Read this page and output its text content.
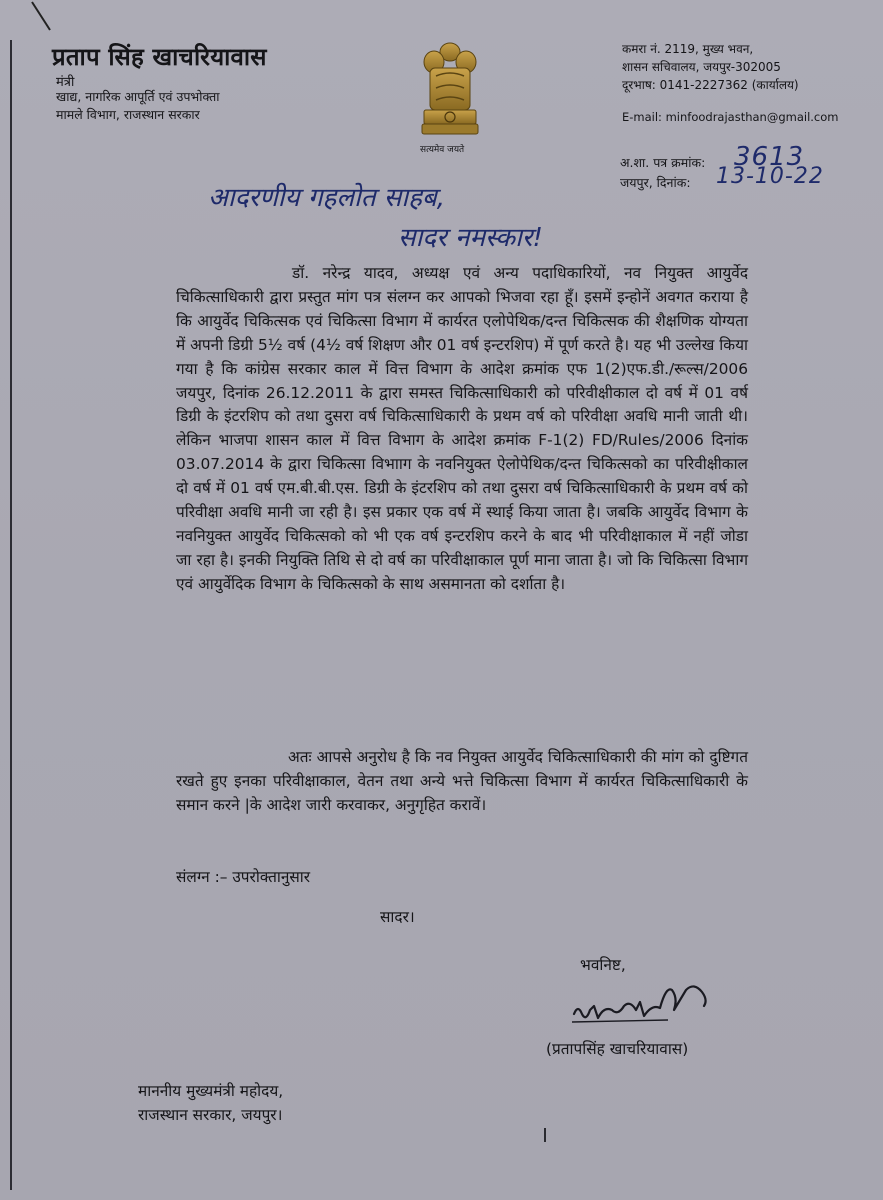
प्रताप सिंह खाचरियावास
मंत्री
खाद्य, नागरिक आपूर्ति एवं उपभोक्ता
मामले विभाग, राजस्थान सरकार
सत्यमेव जयते
कमरा नं. 2119, मुख्य भवन,
शासन सचिवालय, जयपुर-302005
दूरभाष: 0141-2227362 (कार्यालय)
E-mail: minfoodrajasthan@gmail.com
अ.शा. पत्र क्रमांक: 3613
जयपुर, दिनांक: 13-10-22
आदरणीय गहलोत साहब,
सादर नमस्कार!
डॉ. नरेन्द्र यादव, अध्यक्ष एवं अन्य पदाधिकारियों, नव नियुक्त आयुर्वेद चिकित्साधिकारी द्वारा प्रस्तुत मांग पत्र संलग्न कर आपको भिजवा रहा हूँ। इसमें इन्होनें अवगत कराया है कि आयुर्वेद चिकित्सक एवं चिकित्सा विभाग में कार्यरत एलोपेथिक/दन्त चिकित्सक की शैक्षणिक योग्यता में अपनी डिग्री 5½ वर्ष (4½ वर्ष शिक्षण और 01 वर्ष इन्टरशिप) में पूर्ण करते है। यह भी उल्लेख किया गया है कि कांग्रेस सरकार काल में वित्त विभाग के आदेश क्रमांक एफ 1(2)एफ.डी./रूल्स/2006 जयपुर, दिनांक 26.12.2011 के द्वारा समस्त चिकित्साधिकारी को परिवीक्षीकाल दो वर्ष में 01 वर्ष डिग्री के इंटरशिप को तथा दुसरा वर्ष चिकित्साधिकारी के प्रथम वर्ष को परिवीक्षा अवधि मानी जाती थी। लेकिन भाजपा शासन काल में वित्त विभाग के आदेश क्रमांक F-1(2) FD/Rules/2006 दिनांक 03.07.2014 के द्वारा चिकित्सा विभााग के नवनियुक्त ऐलोपेथिक/दन्त चिकित्सको का परिवीक्षीकाल दो वर्ष में 01 वर्ष एम.बी.बी.एस. डिग्री के इंटरशिप को तथा दुसरा वर्ष चिकित्साधिकारी के प्रथम वर्ष को परिवीक्षा अवधि मानी जा रही है। इस प्रकार एक वर्ष में स्थाई किया जाता है। जबकि आयुर्वेद विभाग के नवनियुक्त आयुर्वेद चिकित्सको को भी एक वर्ष इन्टरशिप करने के बाद भी परिवीक्षाकाल में नहीं जोडा जा रहा है। इनकी नियुक्ति तिथि से दो वर्ष का परिवीक्षाकाल पूर्ण माना जाता है। जो कि चिकित्सा विभाग एवं आयुर्वेदिक विभाग के चिकित्सको के साथ असमानता को दर्शाता है।
अतः आपसे अनुरोध है कि नव नियुक्त आयुर्वेद चिकित्साधिकारी की मांग को दुष्टिगत रखते हुए इनका परिवीक्षाकाल, वेतन तथा अन्ये भत्ते चिकित्सा विभाग में कार्यरत चिकित्साधिकारी के समान करने |के आदेश जारी करवाकर, अनुगृहित करावें।
संलग्न :– उपरोक्तानुसार
सादर।
भवनिष्ट,
(प्रतापसिंह खाचरियावास)
माननीय मुख्यमंत्री महोदय,
राजस्थान सरकार, जयपुर।
